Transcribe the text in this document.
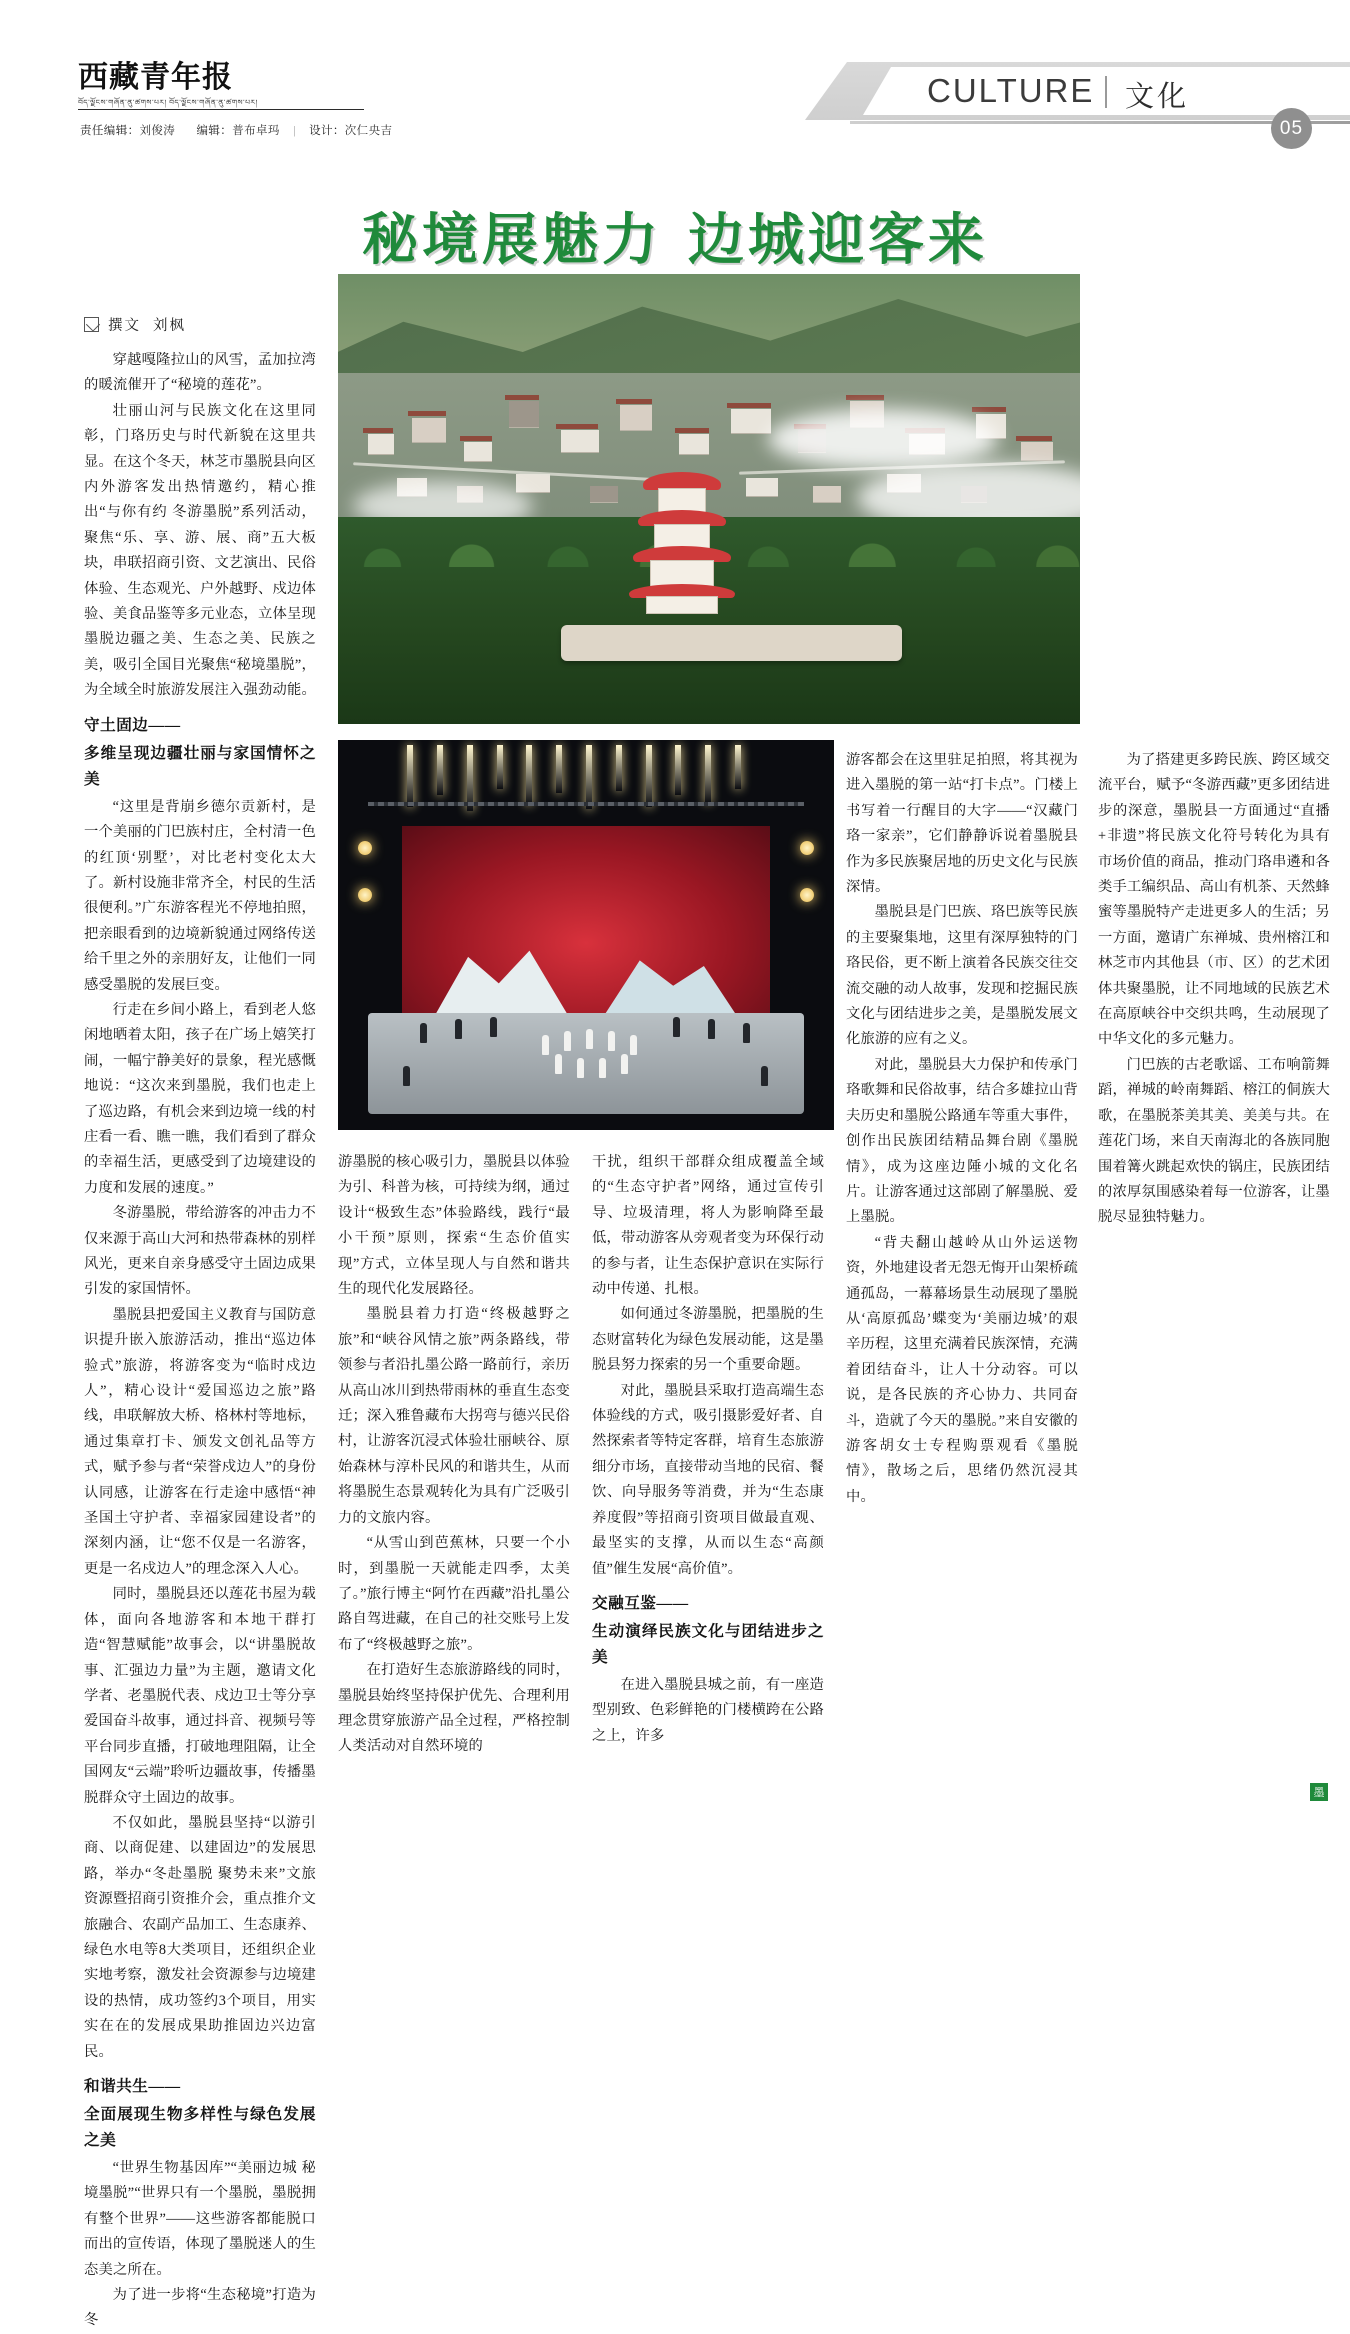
西藏青年报
བོད་ལྗོངས་གཞོན་ནུ་ཚགས་པར། བོད་ལྗོངས་གཞོན་ནུ་ཚགས་པར།
责任编辑：刘俊涛 编辑：普布卓玛 | 设计：次仁央吉
CULTURE 文化
05
秘境展魅力 边城迎客来
撰文 刘枫

穿越嘎隆拉山的风雪，孟加拉湾的暖流催开了“秘境的莲花”。

壮丽山河与民族文化在这里同彰，门珞历史与时代新貌在这里共显。在这个冬天，林芝市墨脱县向区内外游客发出热情邀约，精心推出“与你有约 冬游墨脱”系列活动，聚焦“乐、享、游、展、商”五大板块，串联招商引资、文艺演出、民俗体验、生态观光、户外越野、戍边体验、美食品鉴等多元业态，立体呈现墨脱边疆之美、生态之美、民族之美，吸引全国目光聚焦“秘境墨脱”，为全域全时旅游发展注入强劲动能。

守土固边——
多维呈现边疆壮丽与家国情怀之美

“这里是背崩乡德尔贡新村，是一个美丽的门巴族村庄，全村清一色的红顶‘别墅’，对比老村变化太大了。新村设施非常齐全，村民的生活很便利。”广东游客程光不停地拍照，把亲眼看到的边境新貌通过网络传送给千里之外的亲朋好友，让他们一同感受墨脱的发展巨变。

行走在乡间小路上，看到老人悠闲地晒着太阳，孩子在广场上嬉笑打闹，一幅宁静美好的景象，程光感慨地说：“这次来到墨脱，我们也走上了巡边路，有机会来到边境一线的村庄看一看、瞧一瞧，我们看到了群众的幸福生活，更感受到了边境建设的力度和发展的速度。”

冬游墨脱，带给游客的冲击力不仅来源于高山大河和热带森林的别样风光，更来自亲身感受守土固边成果引发的家国情怀。

墨脱县把爱国主义教育与国防意识提升嵌入旅游活动，推出“巡边体验式”旅游，将游客变为“临时戍边人”，精心设计“爱国巡边之旅”路线，串联解放大桥、格林村等地标，通过集章打卡、颁发文创礼品等方式，赋予参与者“荣誉戍边人”的身份认同感，让游客在行走途中感悟“神圣国土守护者、幸福家园建设者”的深刻内涵，让“您不仅是一名游客，更是一名戍边人”的理念深入人心。

同时，墨脱县还以莲花书屋为载体，面向各地游客和本地干群打造“智慧赋能”故事会，以“讲墨脱故事、汇强边力量”为主题，邀请文化学者、老墨脱代表、戍边卫士等分享爱国奋斗故事，通过抖音、视频号等平台同步直播，打破地理阻隔，让全国网友“云端”聆听边疆故事，传播墨脱群众守土固边的故事。

不仅如此，墨脱县坚持“以游引商、以商促建、以建固边”的发展思路，举办“冬赴墨脱 聚势未来”文旅资源暨招商引资推介会，重点推介文旅融合、农副产品加工、生态康养、绿色水电等8大类项目，还组织企业实地考察，激发社会资源参与边境建设的热情，成功签约3个项目，用实实在在的发展成果助推固边兴边富民。

和谐共生——
全面展现生物多样性与绿色发展之美

“世界生物基因库”“美丽边城 秘境墨脱”“世界只有一个墨脱，墨脱拥有整个世界”——这些游客都能脱口而出的宣传语，体现了墨脱迷人的生态美之所在。

为了进一步将“生态秘境”打造为冬

游墨脱的核心吸引力，墨脱县以体验为引、科普为核，可持续为纲，通过设计“极致生态”体验路线，践行“最小干预”原则，探索“生态价值实现”方式，立体呈现人与自然和谐共生的现代化发展路径。

墨脱县着力打造“终极越野之旅”和“峡谷风情之旅”两条路线，带领参与者沿扎墨公路一路前行，亲历从高山冰川到热带雨林的垂直生态变迁；深入雅鲁藏布大拐弯与德兴民俗村，让游客沉浸式体验壮丽峡谷、原始森林与淳朴民风的和谐共生，从而将墨脱生态景观转化为具有广泛吸引力的文旅内容。

“从雪山到芭蕉林，只要一个小时，到墨脱一天就能走四季，太美了。”旅行博主“阿竹在西藏”沿扎墨公路自驾进藏，在自己的社交账号上发布了“终极越野之旅”。

在打造好生态旅游路线的同时，墨脱县始终坚持保护优先、合理利用理念贯穿旅游产品全过程，严格控制人类活动对自然环境的

干扰，组织干部群众组成覆盖全域的“生态守护者”网络，通过宣传引导、垃圾清理，将人为影响降至最低，带动游客从旁观者变为环保行动的参与者，让生态保护意识在实际行动中传递、扎根。

如何通过冬游墨脱，把墨脱的生态财富转化为绿色发展动能，这是墨脱县努力探索的另一个重要命题。

对此，墨脱县采取打造高端生态体验线的方式，吸引摄影爱好者、自然探索者等特定客群，培育生态旅游细分市场，直接带动当地的民宿、餐饮、向导服务等消费，并为“生态康养度假”等招商引资项目做最直观、最坚实的支撑，从而以生态“高颜值”催生发展“高价值”。

交融互鉴——
生动演绎民族文化与团结进步之美

在进入墨脱县城之前，有一座造型别致、色彩鲜艳的门楼横跨在公路之上，许多

游客都会在这里驻足拍照，将其视为进入墨脱的第一站“打卡点”。门楼上书写着一行醒目的大字——“汉藏门珞一家亲”，它们静静诉说着墨脱县作为多民族聚居地的历史文化与民族深情。

墨脱县是门巴族、珞巴族等民族的主要聚集地，这里有深厚独特的门珞民俗，更不断上演着各民族交往交流交融的动人故事，发现和挖掘民族文化与团结进步之美，是墨脱发展文化旅游的应有之义。

对此，墨脱县大力保护和传承门珞歌舞和民俗故事，结合多雄拉山背夫历史和墨脱公路通车等重大事件，创作出民族团结精品舞台剧《墨脱情》，成为这座边陲小城的文化名片。让游客通过这部剧了解墨脱、爱上墨脱。

“背夫翻山越岭从山外运送物资，外地建设者无怨无悔开山架桥疏通孤岛，一幕幕场景生动展现了墨脱从‘高原孤岛’蝶变为‘美丽边城’的艰辛历程，这里充满着民族深情，充满着团结奋斗，让人十分动容。可以说，是各民族的齐心协力、共同奋斗，造就了今天的墨脱。”来自安徽的游客胡女士专程购票观看《墨脱情》，散场之后，思绪仍然沉浸其中。

为了搭建更多跨民族、跨区域交流平台，赋予“冬游西藏”更多团结进步的深意，墨脱县一方面通过“直播+非遗”将民族文化符号转化为具有市场价值的商品，推动门珞串遴和各类手工编织品、高山有机茶、天然蜂蜜等墨脱特产走进更多人的生活；另一方面，邀请广东禅城、贵州榕江和林芝市内其他县（市、区）的艺术团体共聚墨脱，让不同地域的民族艺术在高原峡谷中交织共鸣，生动展现了中华文化的多元魅力。

门巴族的古老歌谣、工布响箭舞蹈，禅城的岭南舞蹈、榕江的侗族大歌，在墨脱茶美其美、美美与共。在莲花门场，来自天南海北的各族同胞围着篝火跳起欢快的锅庄，民族团结的浓厚氛围感染着每一位游客，让墨脱尽显独特魅力。

墨
